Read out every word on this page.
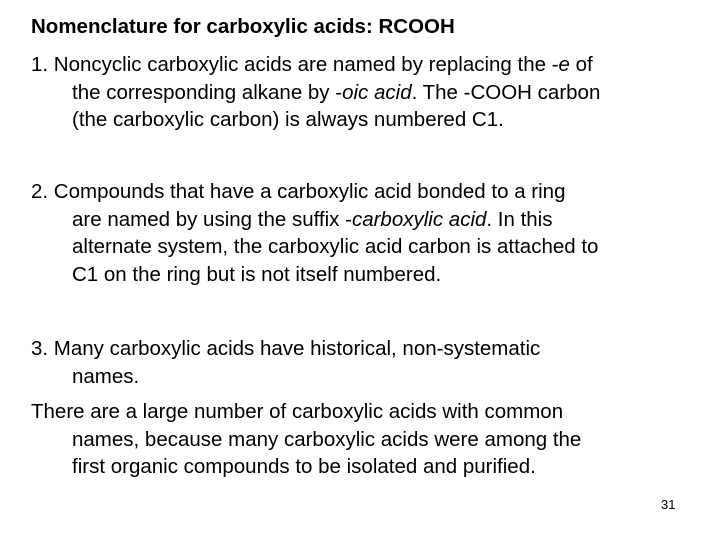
Nomenclature for carboxylic acids: RCOOH
1. Noncyclic carboxylic acids are named by replacing the -e of
the corresponding alkane by -oic acid. The -COOH carbon
(the carboxylic carbon) is always numbered C1.
2. Compounds that have a carboxylic acid bonded to a ring
are named by using the suffix -carboxylic acid. In this
alternate system, the carboxylic acid carbon is attached to
C1 on the ring but is not itself numbered.
3. Many carboxylic acids have historical, non-systematic
names.
There are a large number of carboxylic acids with common
names, because many carboxylic acids were among the
first organic compounds to be isolated and purified.
31
